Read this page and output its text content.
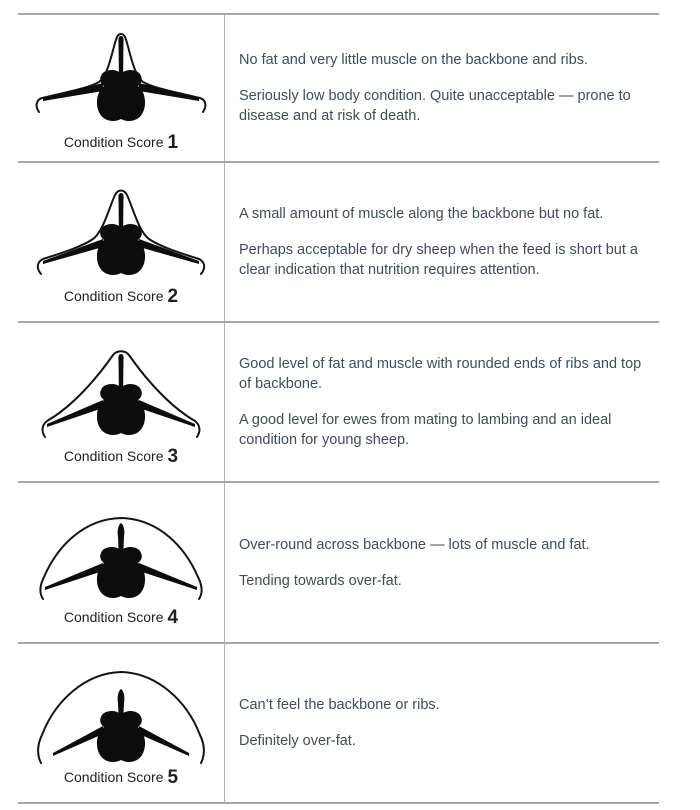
Condition Score 1

No fat and very little muscle on the backbone and ribs.

Seriously low body condition. Quite unacceptable — prone to disease and at risk of death.

Condition Score 2

A small amount of muscle along the backbone but no fat.

Perhaps acceptable for dry sheep when the feed is short but a clear indication that nutrition requires attention.

Condition Score 3

Good level of fat and muscle with rounded ends of ribs and top of backbone.

A good level for ewes from mating to lambing and an ideal condition for young sheep.

Condition Score 4

Over-round across backbone — lots of muscle and fat.

Tending towards over-fat.

Condition Score 5

Can’t feel the backbone or ribs.

Definitely over-fat.
